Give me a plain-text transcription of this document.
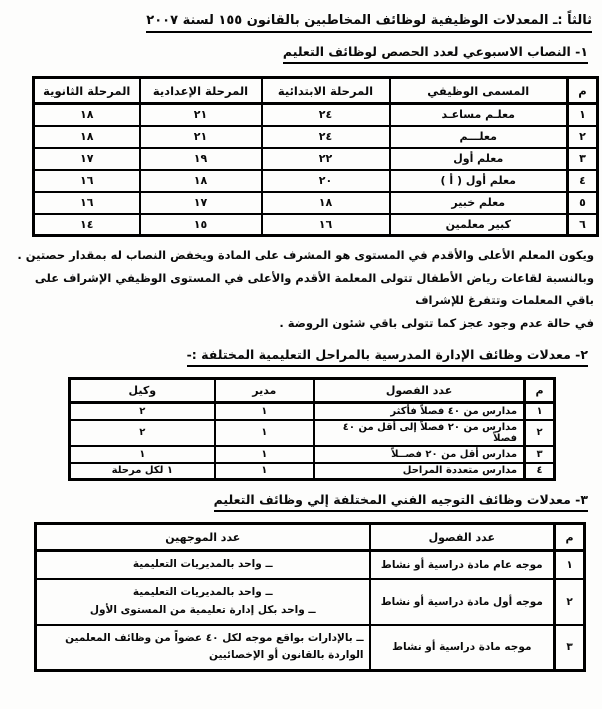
ثالثاً :ـ المعدلات الوظيفية لوظائف المخاطبين بالقانون ١٥٥ لسنة ٢٠٠٧
١- النصاب الاسبوعي لعدد الحصص لوظائف التعليم
م	المسمى الوظيفي	المرحلة الابتدائية	المرحلة الإعدادية	المرحلة الثانوية
١	معلـم مساعـد	٢٤	٢١	١٨
٢	معلـــم	٢٤	٢١	١٨
٣	معلم أول	٢٢	١٩	١٧
٤	معلم أول ( أ )	٢٠	١٨	١٦
٥	معلم خبير	١٨	١٧	١٦
٦	كبير معلمين	١٦	١٥	١٤

ويكون المعلم الأعلى والأقدم في المستوى هو المشرف على المادة ويخفض النصاب له بمقدار حصتين .

وبالنسبة لقاعات رياض الأطفال تتولى المعلمة الأقدم والأعلى في المستوى الوظيفي الإشراف على باقي المعلمات وتتفرغ للإشراف

في حالة عدم وجود عجز كما تتولى باقي شئون الروضة .

٢- معدلات وظائف الإدارة المدرسية بالمراحل التعليمية المختلفة :-
م	عدد الفصول	مدير	وكيل
١	مدارس من ٤٠ فصلاً فأكثر	١	٢
٢	مدارس من ٢٠ فصلاً إلى أقل من ٤٠ فصلاً	١	٢
٣	مدارس أقل من ٢٠ فصــلاً	١	١
٤	مدارس متعددة المراحل	١	١ لكل مرحلة
٣- معدلات وظائف التوجيه الفني المختلفة إلي وظائف التعليم
م	عدد الفصول	عدد الموجهين
١	موجه عام مادة دراسية أو نشاط	ــ واحد بالمديريات التعليمية

٢	موجه أول مادة دراسية أو نشاط	ــ واحد بالمديريات التعليمية
ــ واحد بكل إدارة تعليمية من المستوى الأول

٣	موجه مادة دراسية أو نشاط	ــ بالإدارات بواقع موجه لكل ٤٠ عضواً من وظائف المعلمين الواردة بالقانون أو الإخصائيين
